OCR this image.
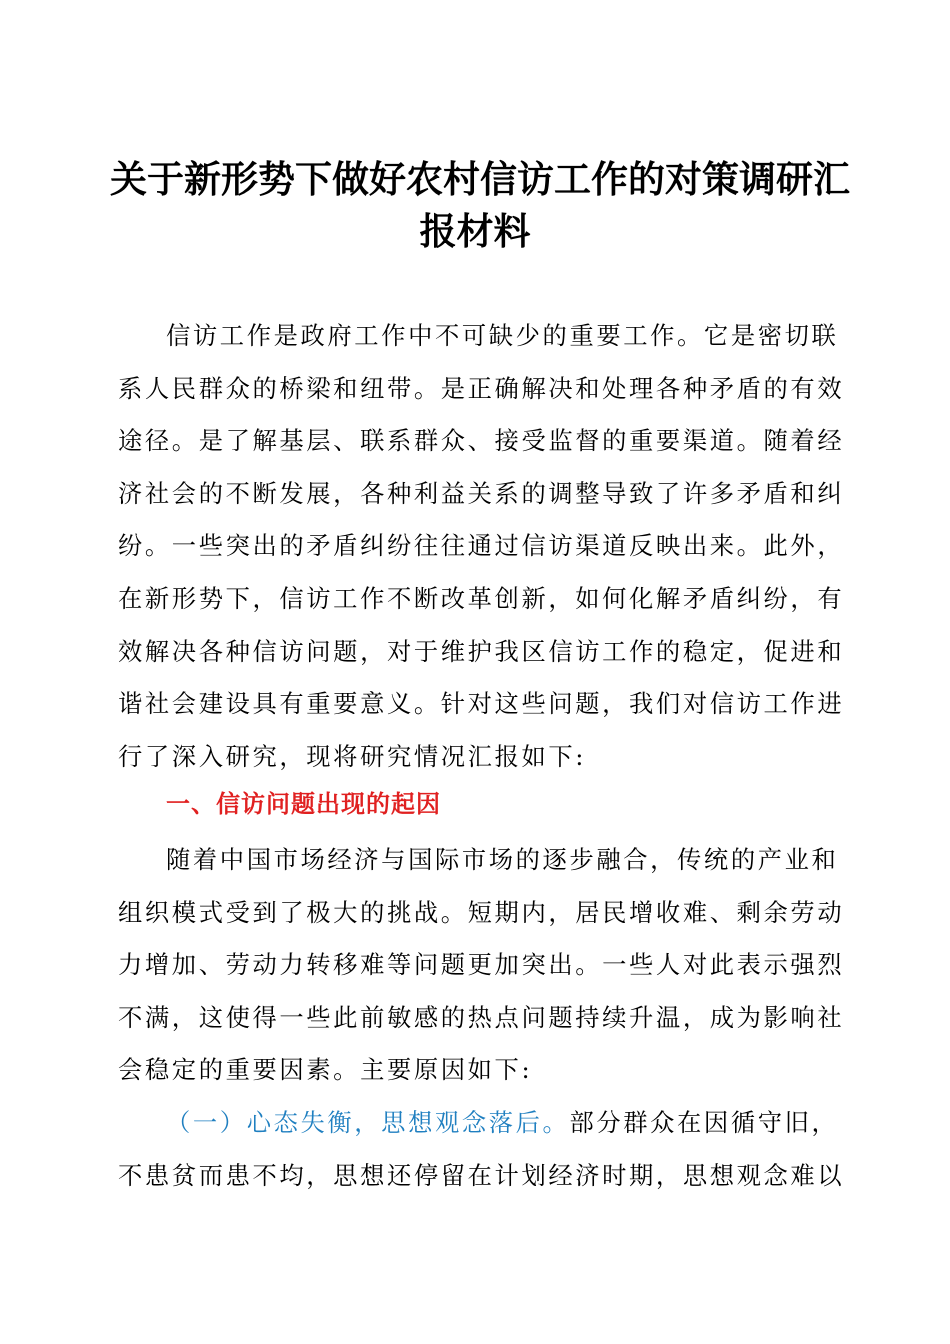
关于新形势下做好农村信访工作的对策调研汇
报材料
信访工作是政府工作中不可缺少的重要工作。它是密切联
系人民群众的桥梁和纽带。是正确解决和处理各种矛盾的有效
途径。是了解基层、联系群众、接受监督的重要渠道。随着经
济社会的不断发展，各种利益关系的调整导致了许多矛盾和纠
纷。一些突出的矛盾纠纷往往通过信访渠道反映出来。此外，
在新形势下，信访工作不断改革创新，如何化解矛盾纠纷，有
效解决各种信访问题，对于维护我区信访工作的稳定，促进和
谐社会建设具有重要意义。针对这些问题，我们对信访工作进
行了深入研究，现将研究情况汇报如下:
一、信访问题出现的起因
随着中国市场经济与国际市场的逐步融合，传统的产业和
组织模式受到了极大的挑战。短期内，居民增收难、剩余劳动
力增加、劳动力转移难等问题更加突出。一些人对此表示强烈
不满，这使得一些此前敏感的热点问题持续升温，成为影响社
会稳定的重要因素。主要原因如下:
（一）心态失衡，思想观念落后。部分群众在因循守旧，
不患贫而患不均，思想还停留在计划经济时期，思想观念难以
